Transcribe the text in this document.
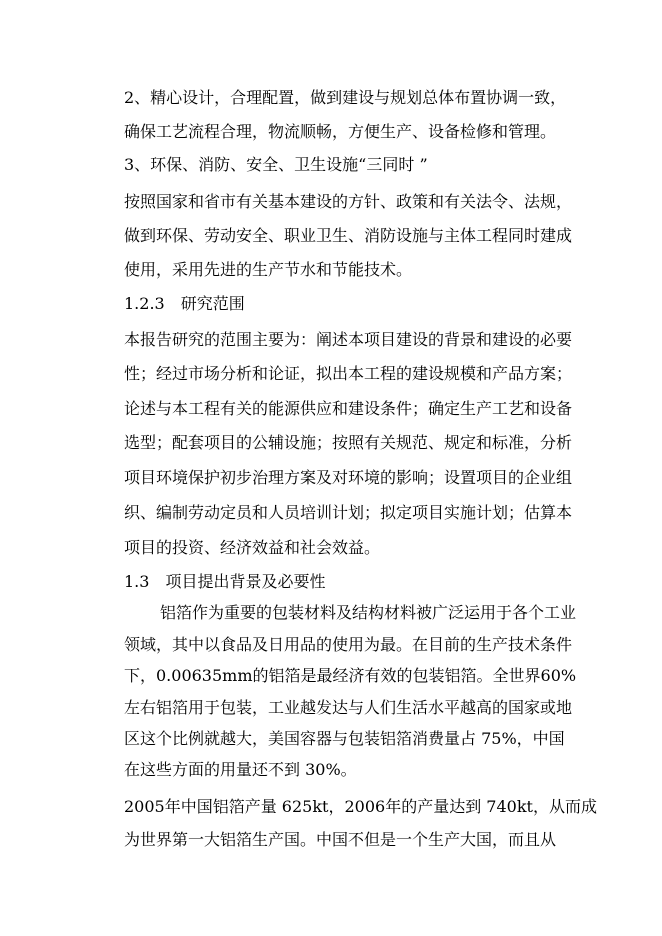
2、精心设计，合理配置，做到建设与规划总体布置协调一致，
确保工艺流程合理，物流顺畅，方便生产、设备检修和管理。
3、环保、消防、安全、卫生设施“三同时 ”
按照国家和省市有关基本建设的方针、政策和有关法令、法规，
做到环保、劳动安全、职业卫生、消防设施与主体工程同时建成
使用，采用先进的生产节水和节能技术。
1.2.3　研究范围
本报告研究的范围主要为：阐述本项目建设的背景和建设的必要
性；经过市场分析和论证，拟出本工程的建设规模和产品方案；
论述与本工程有关的能源供应和建设条件；确定生产工艺和设备
选型；配套项目的公辅设施；按照有关规范、规定和标准，分析
项目环境保护初步治理方案及对环境的影响；设置项目的企业组
织、编制劳动定员和人员培训计划；拟定项目实施计划；估算本
项目的投资、经济效益和社会效益。
1.3　项目提出背景及必要性
铝箔作为重要的包装材料及结构材料被广泛运用于各个工业
领域，其中以食品及日用品的使用为最。在目前的生产技术条件
下，0.00635mm的铝箔是最经济有效的包装铝箔。全世界60%
左右铝箔用于包装，工业越发达与人们生活水平越高的国家或地
区这个比例就越大，美国容器与包装铝箔消费量占 75%，中国
在这些方面的用量还不到 30%。
2005年中国铝箔产量 625kt，2006年的产量达到 740kt，从而成
为世界第一大铝箔生产国。中国不但是一个生产大国，而且从
